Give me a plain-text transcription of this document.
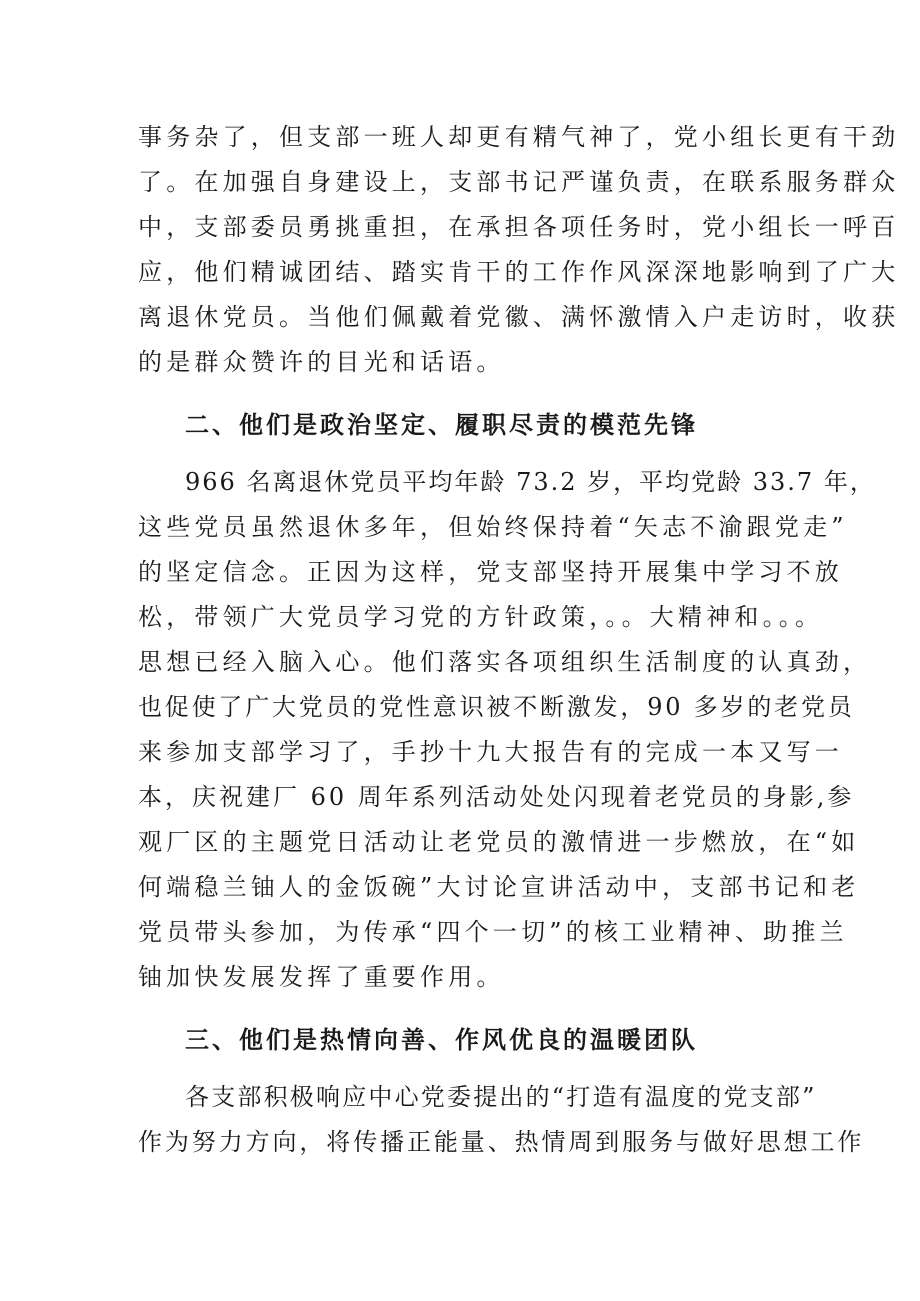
事务杂了，但支部一班人却更有精气神了，党小组长更有干劲
了。在加强自身建设上，支部书记严谨负责，在联系服务群众
中，支部委员勇挑重担，在承担各项任务时，党小组长一呼百
应，他们精诚团结、踏实肯干的工作作风深深地影响到了广大
离退休党员。当他们佩戴着党徽、满怀激情入户走访时，收获
的是群众赞许的目光和话语。
二、他们是政治坚定、履职尽责的模范先锋
966 名离退休党员平均年龄 73.2 岁，平均党龄 33.7 年，
这些党员虽然退休多年，但始终保持着“矢志不渝跟党走”
的坚定信念。正因为这样，党支部坚持开展集中学习不放
松，带领广大党员学习党的方针政策，。。大精神和。。。
思想已经入脑入心。他们落实各项组织生活制度的认真劲，
也促使了广大党员的党性意识被不断激发，90 多岁的老党员
来参加支部学习了，手抄十九大报告有的完成一本又写一
本，庆祝建厂 60 周年系列活动处处闪现着老党员的身影,参
观厂区的主题党日活动让老党员的激情进一步燃放，在“如
何端稳兰铀人的金饭碗”大讨论宣讲活动中，支部书记和老
党员带头参加，为传承“四个一切”的核工业精神、助推兰
铀加快发展发挥了重要作用。
三、他们是热情向善、作风优良的温暖团队
各支部积极响应中心党委提出的“打造有温度的党支部”
作为努力方向，将传播正能量、热情周到服务与做好思想工作
